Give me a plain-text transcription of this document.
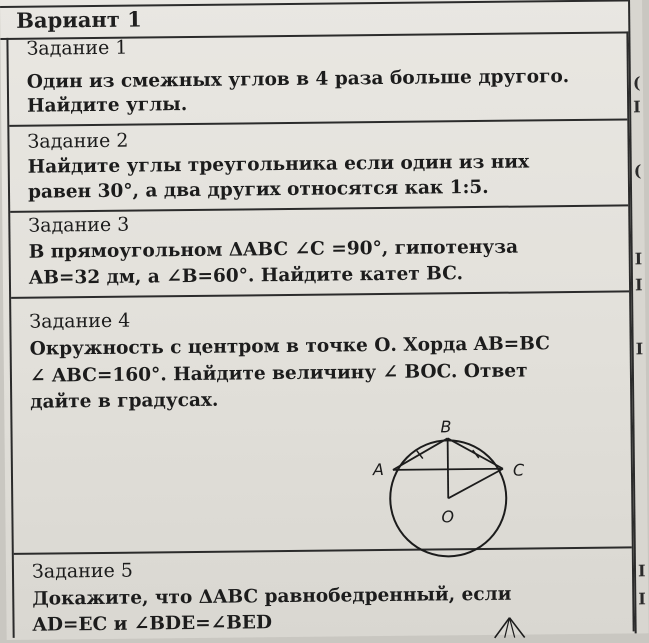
Вариант 1
Задание 1
Один из смежных углов в 4 раза больше другого.
Найдите углы.
Задание 2
Найдите углы треугольника если один из них
равен 30°, а два других относятся как 1:5.
Задание 3
В прямоугольном ΔABC ∠C =90°, гипотенуза
AB=32 дм, а ∠B=60°. Найдите катет BC.
Задание 4
Окружность с центром в точке О. Хорда AB=BC
∠ ABC=160°. Найдите величину ∠ BOC. Ответ
дайте в градусах.
B
A	C
O
Задание 5
Докажите, что ΔABC равнобедренный, если
AD=EC и ∠BDE=∠BED
(
I
(
I
I
I
I
I
